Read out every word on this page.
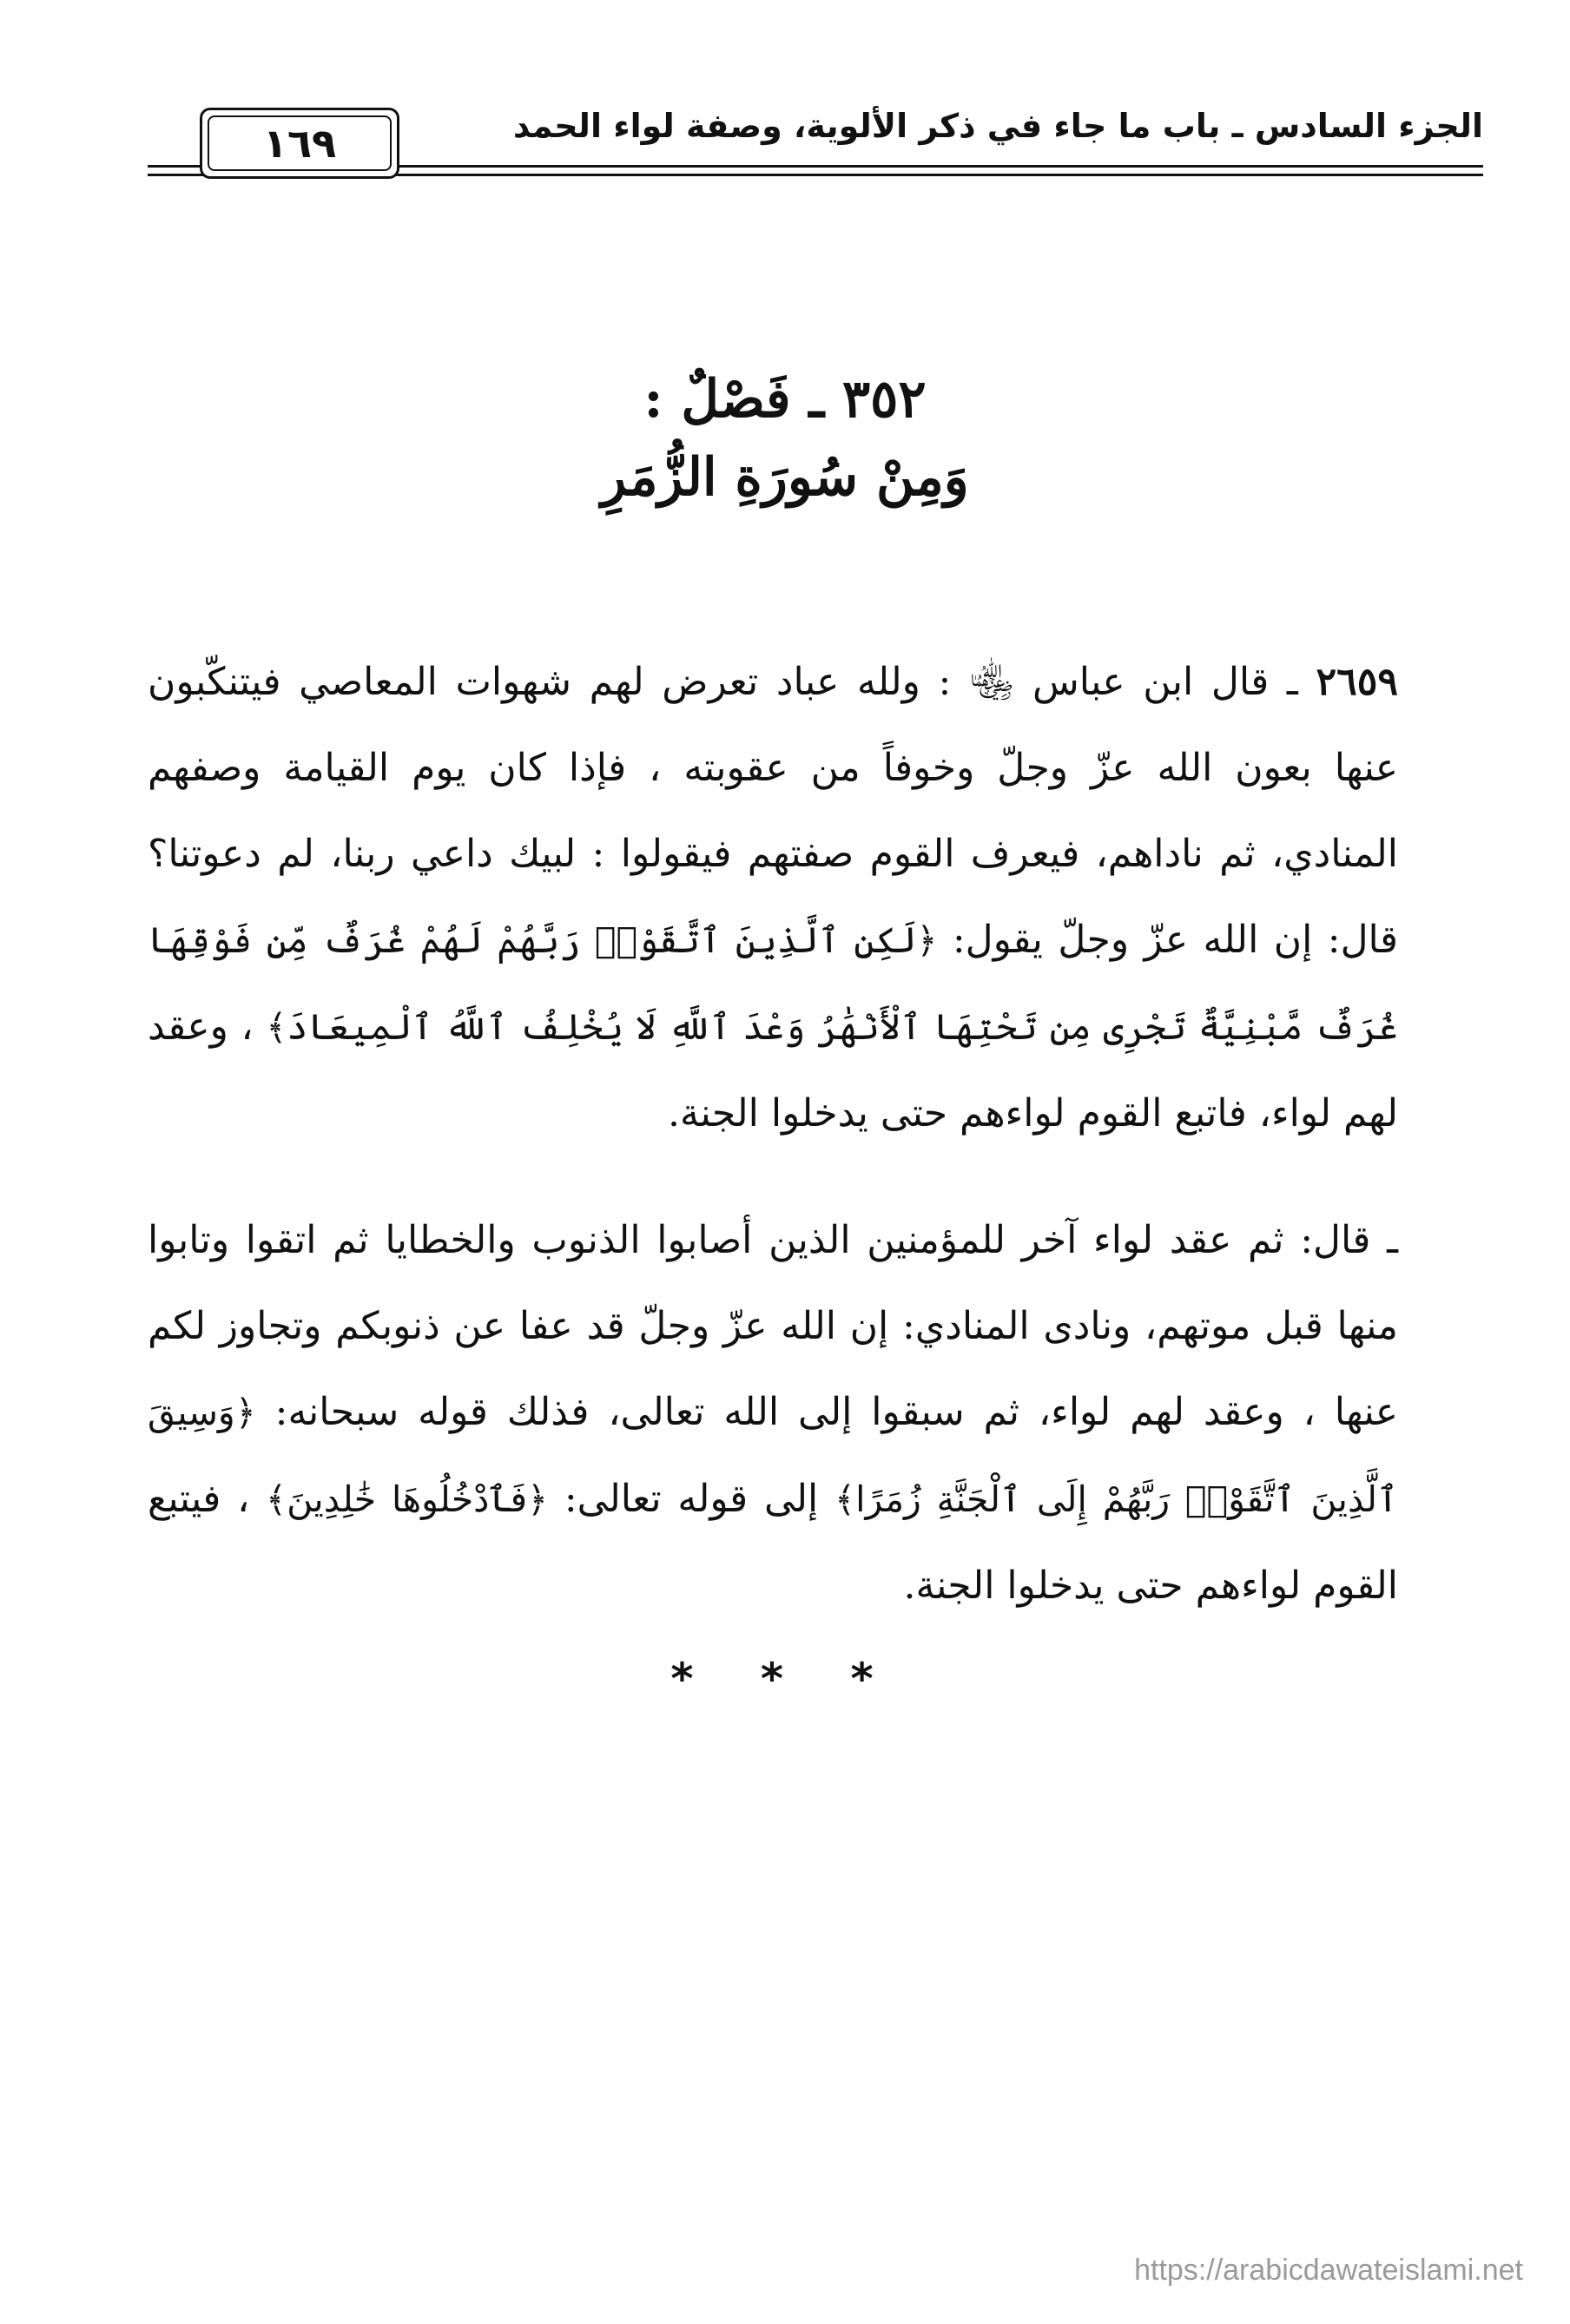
الجزء السادس ـ باب ما جاء في ذكر الألوية، وصفة لواء الحمد
١٦٩
٣٥٢ ـ فَصْلٌ :
وَمِنْ سُورَةِ الزُّمَرِ

٢٦٥٩ ـ قال ابن عباس ﵄ : ولله عباد تعرض لهم شهوات المعاصي فيتنكّبون عنها بعون الله عزّ وجلّ وخوفاً من عقوبته ، فإذا كان يوم القيامة وصفهم المنادي، ثم ناداهم، فيعرف القوم صفتهم فيقولوا : لبيك داعي ربنا، لم دعوتنا؟ قال: إن الله عزّ وجلّ يقول: ﴿لَكِنِ ٱلَّذِينَ ٱتَّقَوْا۟ رَبَّهُمْ لَهُمْ غُرَفٌ مِّن فَوْقِهَا غُرَفٌ مَّبْنِيَّةٌ تَجْرِى مِن تَحْتِهَا ٱلْأَنْهَٰرُ وَعْدَ ٱللَّهِ لَا يُخْلِفُ ٱللَّهُ ٱلْمِيعَادَ﴾ ، وعقد لهم لواء، فاتبع القوم لواءهم حتى يدخلوا الجنة.

ـ قال: ثم عقد لواء آخر للمؤمنين الذين أصابوا الذنوب والخطايا ثم اتقوا وتابوا منها قبل موتهم، ونادى المنادي: إن الله عزّ وجلّ قد عفا عن ذنوبكم وتجاوز لكم عنها ، وعقد لهم لواء، ثم سبقوا إلى الله تعالى، فذلك قوله سبحانه: ﴿وَسِيقَ ٱلَّذِينَ ٱتَّقَوْا۟ رَبَّهُمْ إِلَى ٱلْجَنَّةِ زُمَرًا﴾ إلى قوله تعالى: ﴿فَٱدْخُلُوهَا خَٰلِدِينَ﴾ ، فيتبع القوم لواءهم حتى يدخلوا الجنة.

* * *
https://arabicdawateislami.net
